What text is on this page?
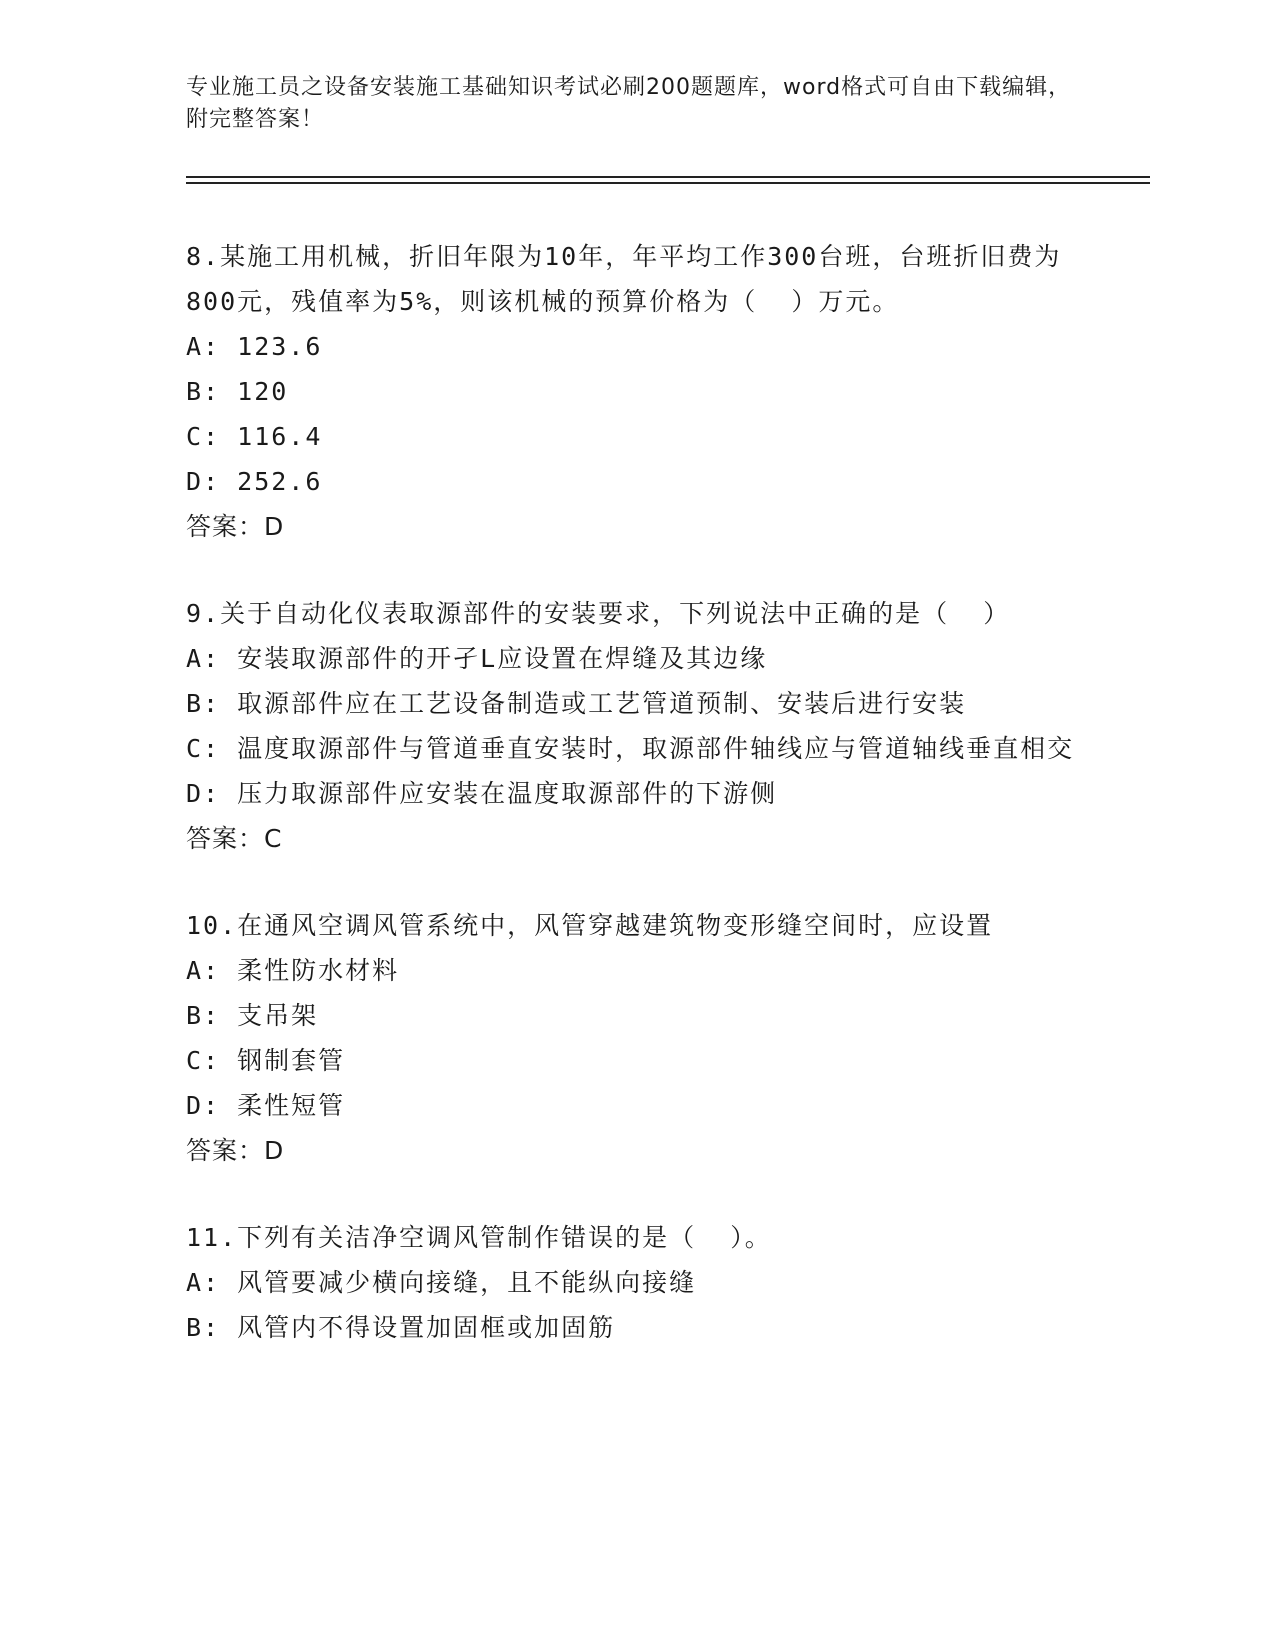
专业施工员之设备安装施工基础知识考试必刷200题题库，word格式可自由下载编辑，附完整答案！
8.某施工用机械，折旧年限为10年，年平均工作300台班，台班折旧费为800元，残值率为5%，则该机械的预算价格为（  ）万元。
A: 123.6
B: 120
C: 116.4
D: 252.6
答案：D
9.关于自动化仪表取源部件的安装要求，下列说法中正确的是（  ）
A: 安装取源部件的开孑L应设置在焊缝及其边缘
B: 取源部件应在工艺设备制造或工艺管道预制、安装后进行安装
C: 温度取源部件与管道垂直安装时，取源部件轴线应与管道轴线垂直相交
D: 压力取源部件应安装在温度取源部件的下游侧
答案：C
10.在通风空调风管系统中，风管穿越建筑物变形缝空间时，应设置
A: 柔性防水材料
B: 支吊架
C: 钢制套管
D: 柔性短管
答案：D
11.下列有关洁净空调风管制作错误的是（  ）。
A: 风管要减少横向接缝，且不能纵向接缝
B: 风管内不得设置加固框或加固筋
